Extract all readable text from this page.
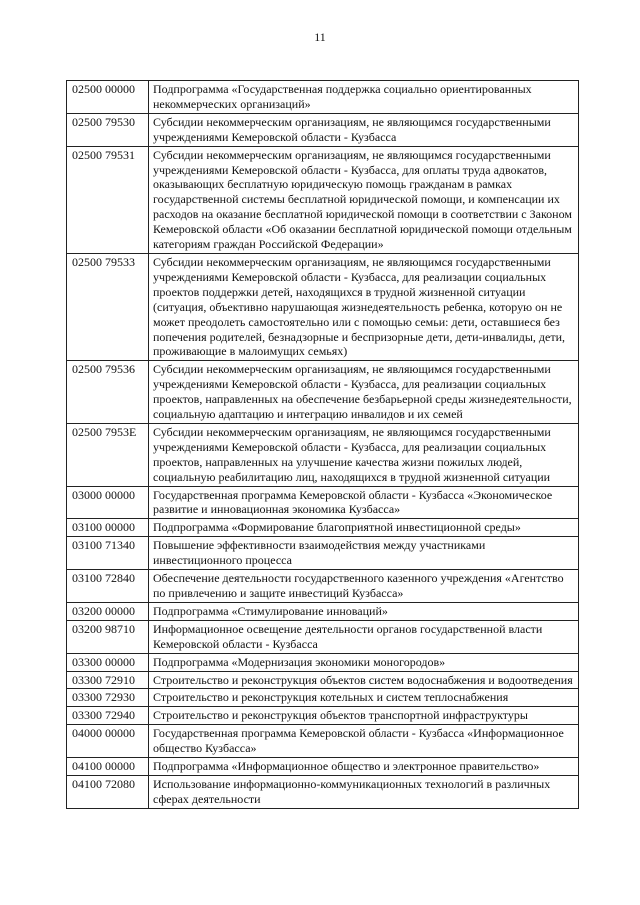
11
02500 00000	Подпрограмма «Государственная поддержка социально ориентированных некоммерческих организаций»
02500 79530	Субсидии некоммерческим организациям, не являющимся государственными учреждениями Кемеровской области - Кузбасса
02500 79531	Субсидии некоммерческим организациям, не являющимся государственными учреждениями Кемеровской области - Кузбасса, для оплаты труда адвокатов, оказывающих бесплатную юридическую помощь гражданам в рамках государственной системы бесплатной юридической помощи, и компенсации их расходов на оказание бесплатной юридической помощи в соответствии с Законом Кемеровской области «Об оказании бесплатной юридической помощи отдельным категориям граждан Российской Федерации»
02500 79533	Субсидии некоммерческим организациям, не являющимся государственными учреждениями Кемеровской области - Кузбасса, для реализации социальных проектов поддержки детей, находящихся в трудной жизненной ситуации (ситуация, объективно нарушающая жизнедеятельность ребенка, которую он не может преодолеть самостоятельно или с помощью семьи: дети, оставшиеся без попечения родителей, безнадзорные и беспризорные дети, дети-инвалиды, дети, проживающие в малоимущих семьях)
02500 79536	Субсидии некоммерческим организациям, не являющимся государственными учреждениями Кемеровской области - Кузбасса, для реализации социальных проектов, направленных на обеспечение безбарьерной среды жизнедеятельности, социальную адаптацию и интеграцию инвалидов и их семей
02500 7953Е	Субсидии некоммерческим организациям, не являющимся государственными учреждениями Кемеровской области - Кузбасса, для реализации социальных проектов, направленных на улучшение качества жизни пожилых людей, социальную реабилитацию лиц, находящихся в трудной жизненной ситуации
03000 00000	Государственная программа Кемеровской области - Кузбасса «Экономическое развитие и инновационная экономика Кузбасса»
03100 00000	Подпрограмма «Формирование благоприятной инвестиционной среды»
03100 71340	Повышение эффективности взаимодействия между участниками инвестиционного процесса
03100 72840	Обеспечение деятельности государственного казенного учреждения «Агентство по привлечению и защите инвестиций Кузбасса»
03200 00000	Подпрограмма «Стимулирование инноваций»
03200 98710	Информационное освещение деятельности органов государственной власти Кемеровской области - Кузбасса
03300 00000	Подпрограмма «Модернизация экономики моногородов»
03300 72910	Строительство и реконструкция объектов систем водоснабжения и водоотведения
03300 72930	Строительство и реконструкция котельных и систем теплоснабжения
03300 72940	Строительство и реконструкция объектов транспортной инфраструктуры
04000 00000	Государственная программа Кемеровской области - Кузбасса «Информационное общество Кузбасса»
04100 00000	Подпрограмма «Информационное общество и электронное правительство»
04100 72080	Использование информационно-коммуникационных технологий в различных сферах деятельности
